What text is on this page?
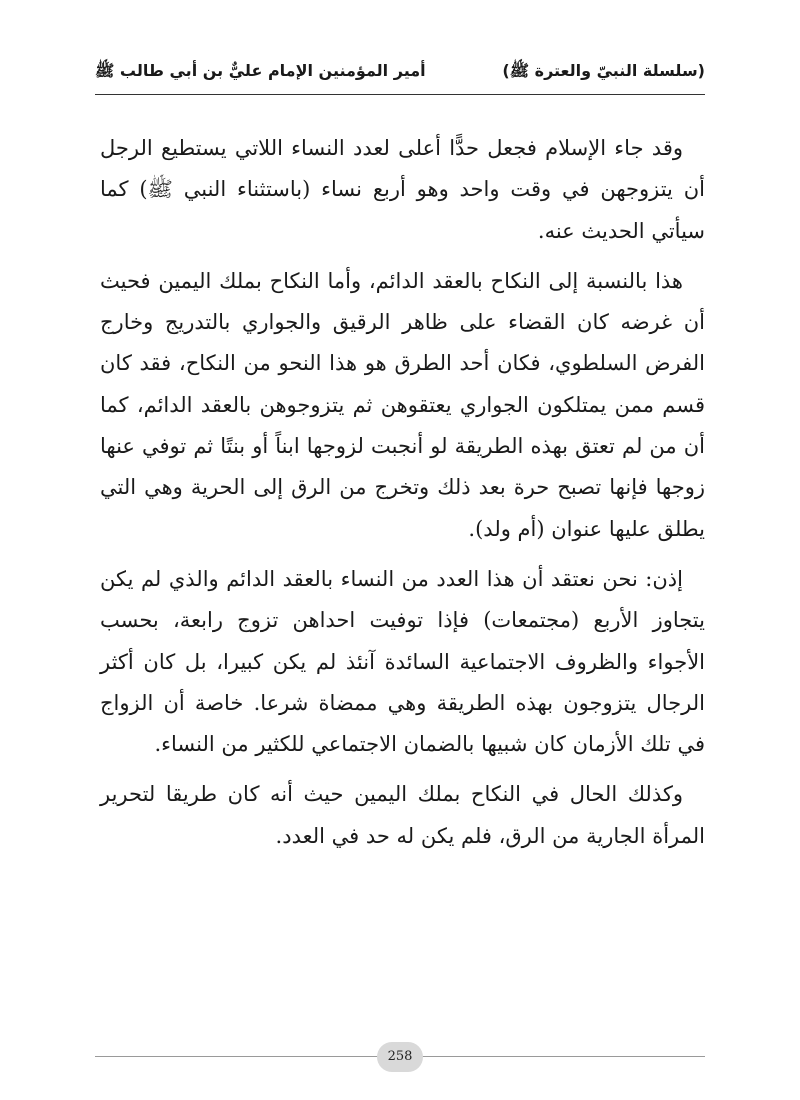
(سلسلة النبيّ والعترة ﷺ)
أمير المؤمنين الإمام عليٌّ بن أبي طالب ﷺ

وقد جاء الإسلام فجعل حدًّا أعلى لعدد النساء اللاتي يستطيع الرجل أن يتزوجهن في وقت واحد وهو أربع نساء (باستثناء النبي ﷺ) كما سيأتي الحديث عنه.

هذا بالنسبة إلى النكاح بالعقد الدائم، وأما النكاح بملك اليمين فحيث أن غرضه كان القضاء على ظاهر الرقيق والجواري بالتدريج وخارج الفرض السلطوي، فكان أحد الطرق هو هذا النحو من النكاح، فقد كان قسم ممن يمتلكون الجواري يعتقوهن ثم يتزوجوهن بالعقد الدائم، كما أن من لم تعتق بهذه الطريقة لو أنجبت لزوجها ابناً أو بنتًا ثم توفي عنها زوجها فإنها تصبح حرة بعد ذلك وتخرج من الرق إلى الحرية وهي التي يطلق عليها عنوان (أم ولد).

إذن: نحن نعتقد أن هذا العدد من النساء بالعقد الدائم والذي لم يكن يتجاوز الأربع (مجتمعات) فإذا توفيت احداهن تزوج رابعة، بحسب الأجواء والظروف الاجتماعية السائدة آنئذ لم يكن كبيرا، بل كان أكثر الرجال يتزوجون بهذه الطريقة وهي ممضاة شرعا. خاصة أن الزواج في تلك الأزمان كان شبيها بالضمان الاجتماعي للكثير من النساء.

وكذلك الحال في النكاح بملك اليمين حيث أنه كان طريقا لتحرير المرأة الجارية من الرق، فلم يكن له حد في العدد.

258
